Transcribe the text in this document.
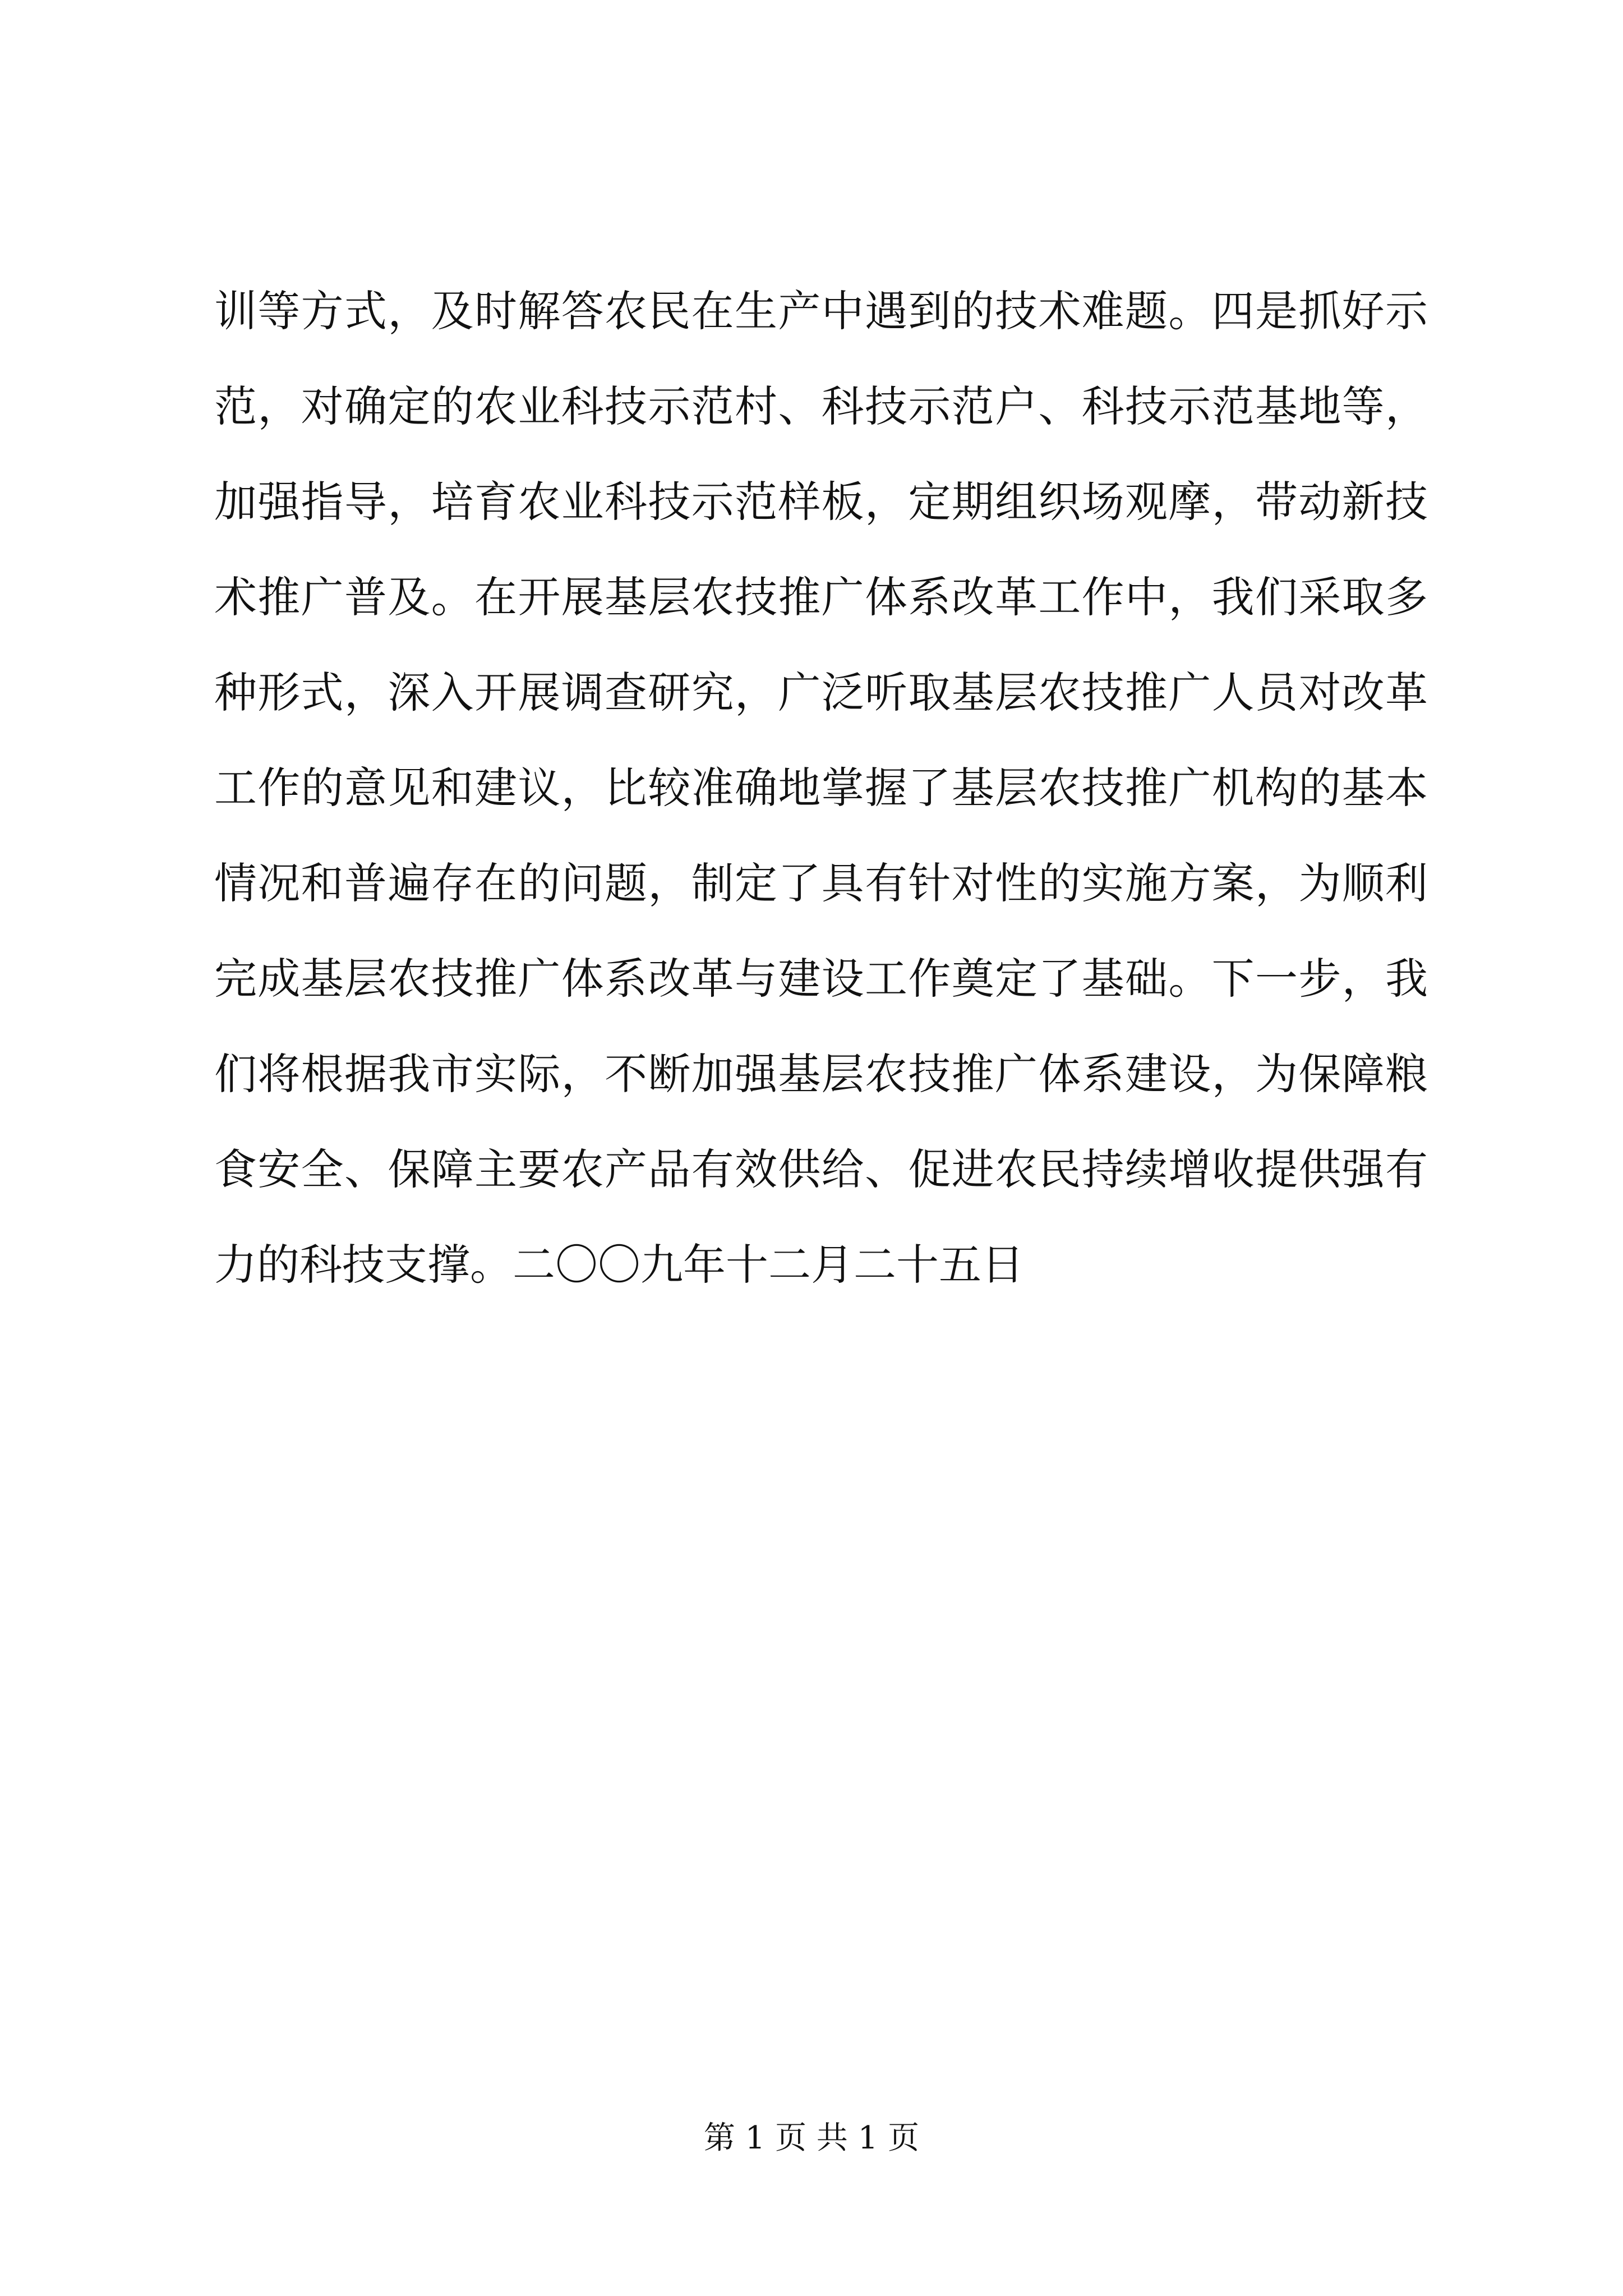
训等方式，及时解答农民在生产中遇到的技术难题。四是抓好示
范，对确定的农业科技示范村、科技示范户、科技示范基地等，
加强指导，培育农业科技示范样板，定期组织场观摩，带动新技
术推广普及。在开展基层农技推广体系改革工作中，我们采取多
种形式，深入开展调查研究，广泛听取基层农技推广人员对改革
工作的意见和建议，比较准确地掌握了基层农技推广机构的基本
情况和普遍存在的问题，制定了具有针对性的实施方案，为顺利
完成基层农技推广体系改革与建设工作奠定了基础。下一步，我
们将根据我市实际，不断加强基层农技推广体系建设，为保障粮
食安全、保障主要农产品有效供给、促进农民持续增收提供强有
力的科技支撑。二〇〇九年十二月二十五日
第 1 页 共 1 页
